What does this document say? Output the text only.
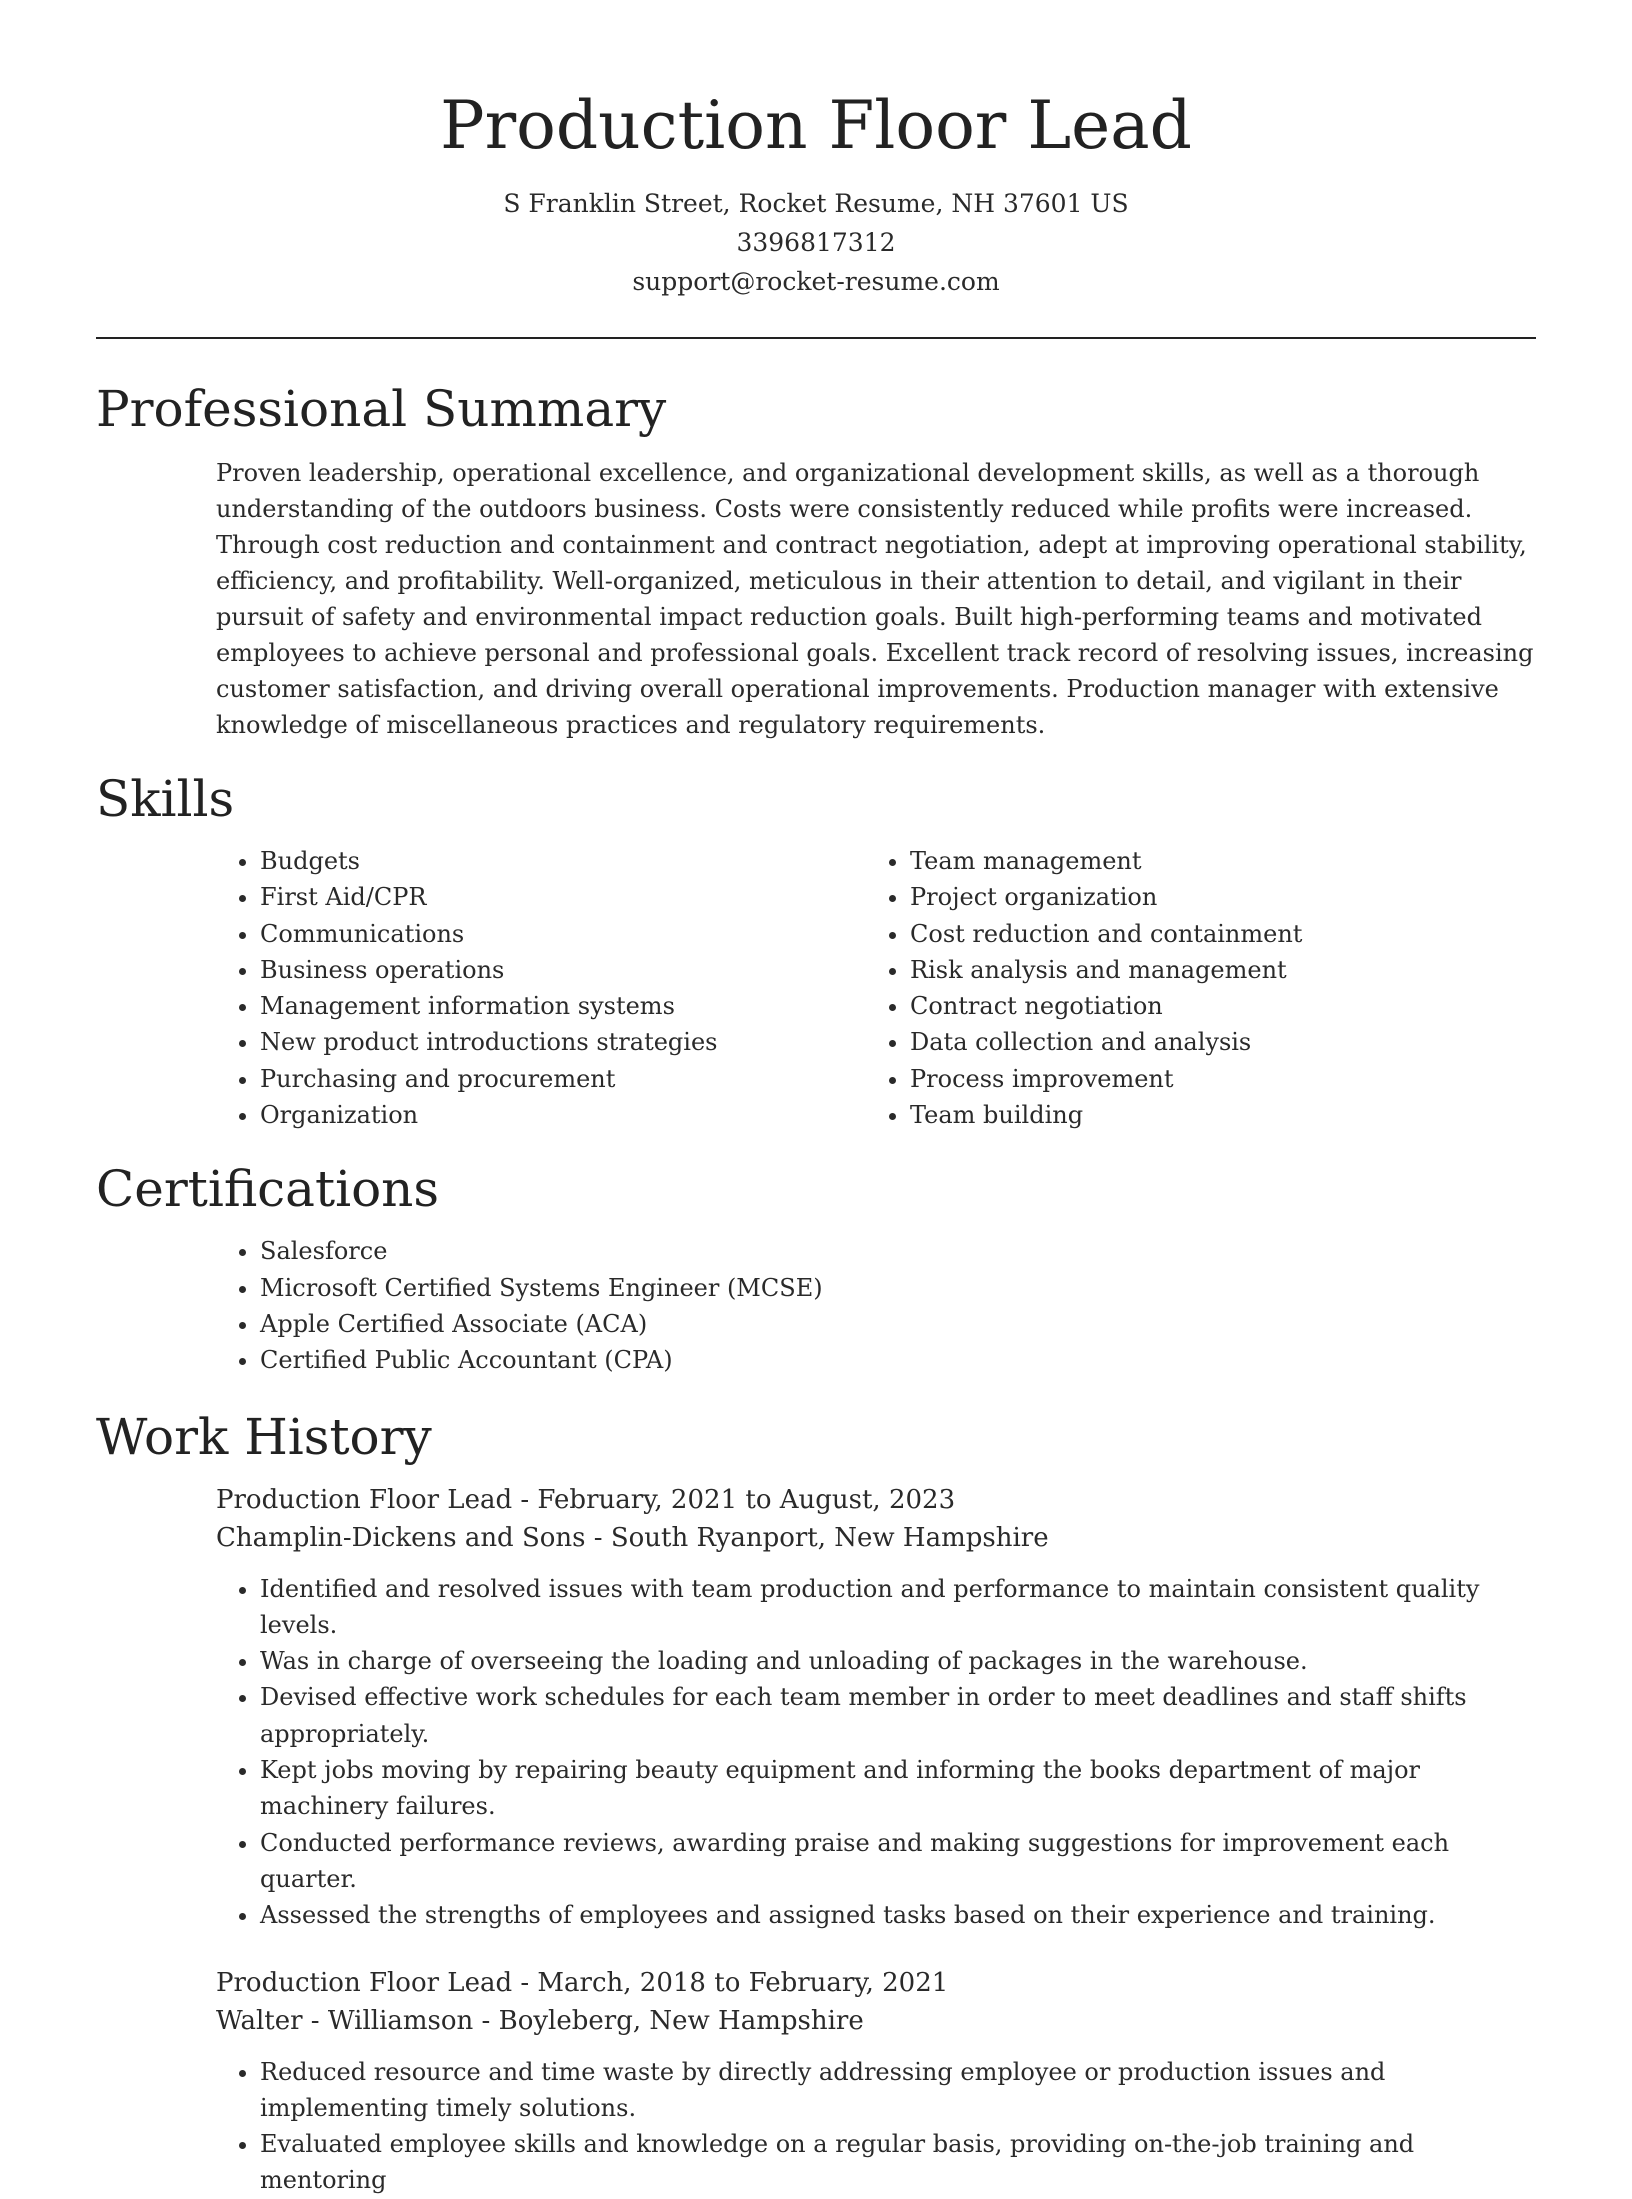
Production Floor Lead
S Franklin Street, Rocket Resume, NH 37601 US
3396817312
support@rocket-resume.com
Professional Summary

Proven leadership, operational excellence, and organizational development skills, as well as a thorough understanding of the outdoors business. Costs were consistently reduced while profits were increased. Through cost reduction and containment and contract negotiation, adept at improving operational stability, efficiency, and profitability. Well-organized, meticulous in their attention to detail, and vigilant in their pursuit of safety and environmental impact reduction goals. Built high-performing teams and motivated employees to achieve personal and professional goals. Excellent track record of resolving issues, increasing customer satisfaction, and driving overall operational improvements. Production manager with extensive knowledge of miscellaneous practices and regulatory requirements.

Skills
• Budgets
• First Aid/CPR
• Communications
• Business operations
• Management information systems
• New product introductions strategies
• Purchasing and procurement
• Organization
• Team management
• Project organization
• Cost reduction and containment
• Risk analysis and management
• Contract negotiation
• Data collection and analysis
• Process improvement
• Team building
Certifications
• Salesforce
• Microsoft Certified Systems Engineer (MCSE)
• Apple Certified Associate (ACA)
• Certified Public Accountant (CPA)
Work History
Production Floor Lead - February, 2021 to August, 2023
Champlin-Dickens and Sons - South Ryanport, New Hampshire
• Identified and resolved issues with team production and performance to maintain consistent quality levels.
• Was in charge of overseeing the loading and unloading of packages in the warehouse.
• Devised effective work schedules for each team member in order to meet deadlines and staff shifts appropriately.
• Kept jobs moving by repairing beauty equipment and informing the books department of major machinery failures.
• Conducted performance reviews, awarding praise and making suggestions for improvement each quarter.
• Assessed the strengths of employees and assigned tasks based on their experience and training.
Production Floor Lead - March, 2018 to February, 2021
Walter - Williamson - Boyleberg, New Hampshire
• Reduced resource and time waste by directly addressing employee or production issues and implementing timely solutions.
• Evaluated employee skills and knowledge on a regular basis, providing on-the-job training and mentoring
